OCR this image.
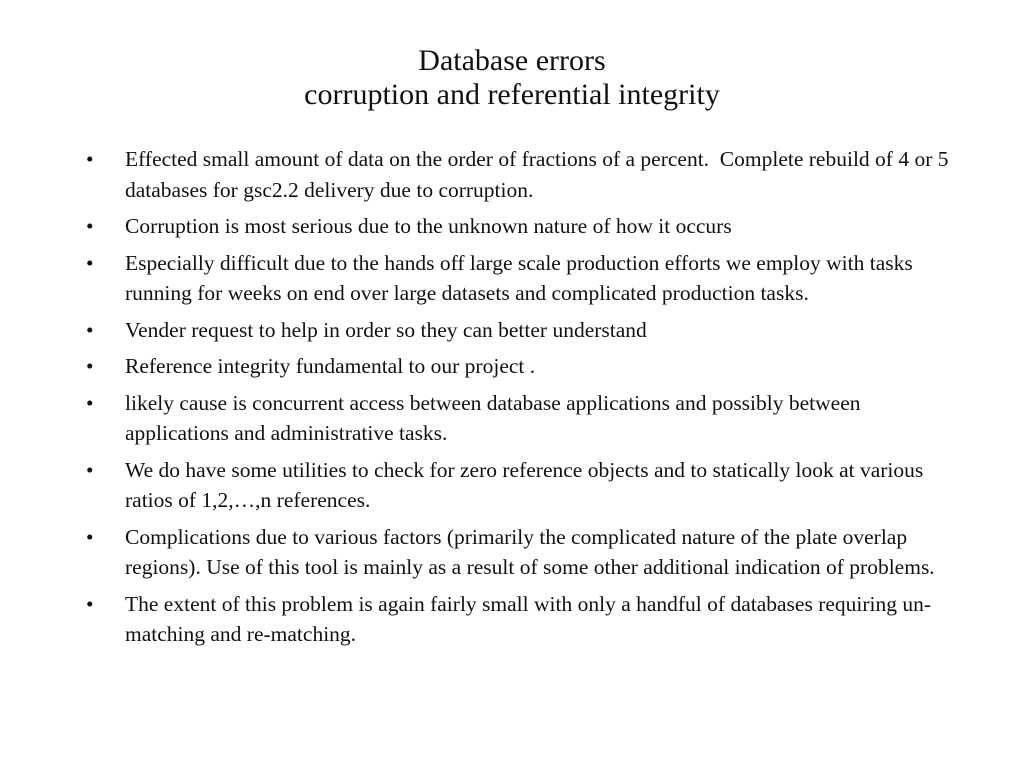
Database errors
corruption and referential integrity
•	Effected small amount of data on the order of fractions of a percent.  Complete rebuild of 4 or 5 databases for gsc2.2 delivery due to corruption.
•	Corruption is most serious due to the unknown nature of how it occurs
•	Especially difficult due to the hands off large scale production efforts we employ with tasks running for weeks on end over large datasets and complicated production tasks.
•	Vender request to help in order so they can better understand
•	Reference integrity fundamental to our project .
•	likely cause is concurrent access between database applications and possibly between  applications and administrative tasks.
•	We do have some utilities to check for zero reference objects and to statically look at various ratios of 1,2,…,n references.
•	Complications due to various factors (primarily the complicated nature of the plate overlap regions). Use of this tool is mainly as a result of some other additional indication of problems.
•	The extent of this problem is again fairly small with only a handful of databases requiring un-matching and re-matching.
